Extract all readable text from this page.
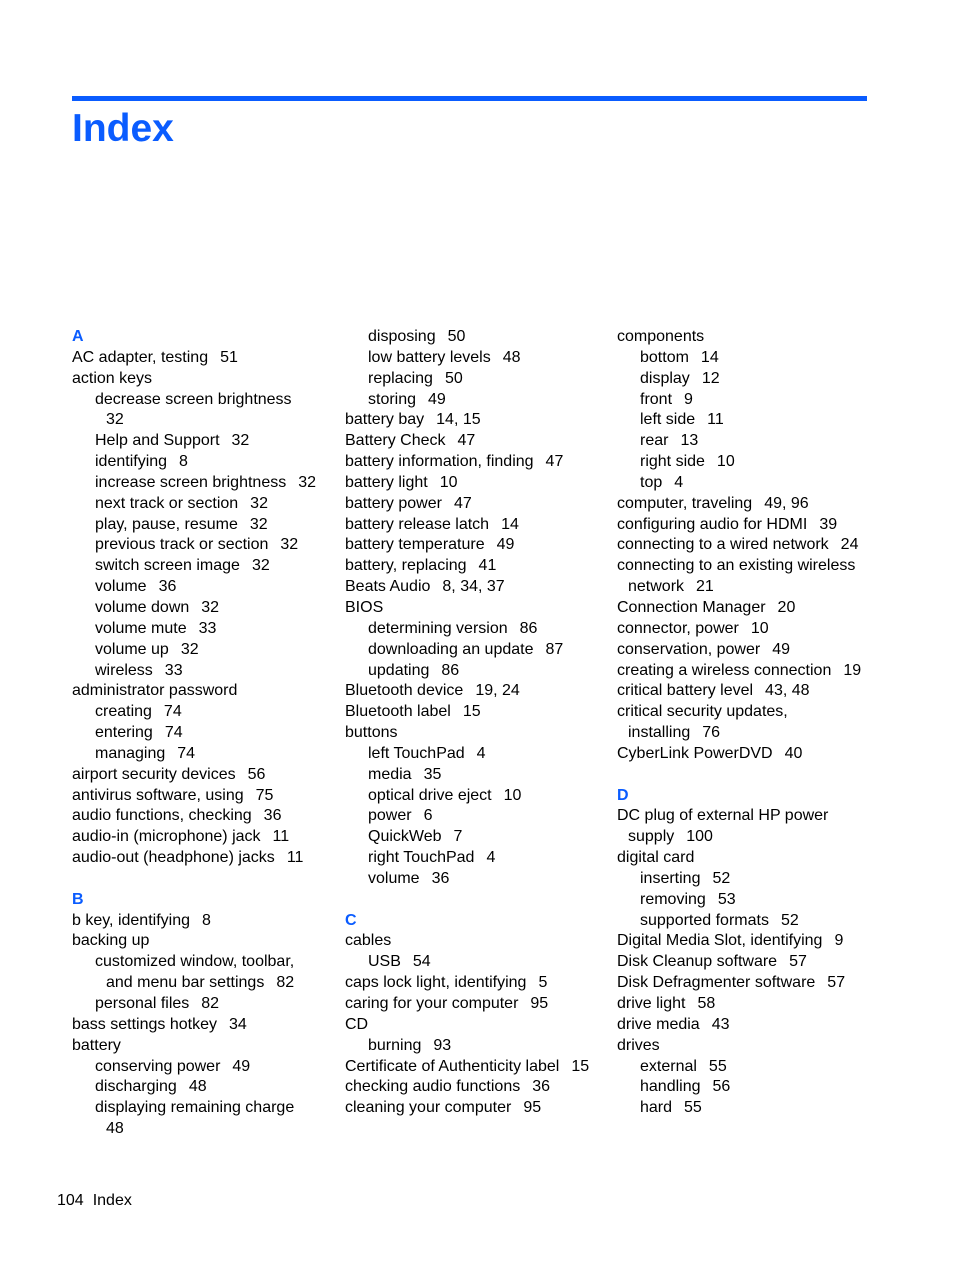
Index
A
AC adapter, testing 51
action keys
decrease screen brightness
32
Help and Support 32
identifying 8
increase screen brightness 32
next track or section 32
play, pause, resume 32
previous track or section 32
switch screen image 32
volume 36
volume down 32
volume mute 33
volume up 32
wireless 33
administrator password
creating 74
entering 74
managing 74
airport security devices 56
antivirus software, using 75
audio functions, checking 36
audio-in (microphone) jack 11
audio-out (headphone) jacks 11
B
b key, identifying 8
backing up
customized window, toolbar,
and menu bar settings 82
personal files 82
bass settings hotkey 34
battery
conserving power 49
discharging 48
displaying remaining charge
48
disposing 50
low battery levels 48
replacing 50
storing 49
battery bay 14, 15
Battery Check 47
battery information, finding 47
battery light 10
battery power 47
battery release latch 14
battery temperature 49
battery, replacing 41
Beats Audio 8, 34, 37
BIOS
determining version 86
downloading an update 87
updating 86
Bluetooth device 19, 24
Bluetooth label 15
buttons
left TouchPad 4
media 35
optical drive eject 10
power 6
QuickWeb 7
right TouchPad 4
volume 36
C
cables
USB 54
caps lock light, identifying 5
caring for your computer 95
CD
burning 93
Certificate of Authenticity label 15
checking audio functions 36
cleaning your computer 95
components
bottom 14
display 12
front 9
left side 11
rear 13
right side 10
top 4
computer, traveling 49, 96
configuring audio for HDMI 39
connecting to a wired network 24
connecting to an existing wireless
network 21
Connection Manager 20
connector, power 10
conservation, power 49
creating a wireless connection 19
critical battery level 43, 48
critical security updates,
installing 76
CyberLink PowerDVD 40
D
DC plug of external HP power
supply 100
digital card
inserting 52
removing 53
supported formats 52
Digital Media Slot, identifying 9
Disk Cleanup software 57
Disk Defragmenter software 57
drive light 58
drive media 43
drives
external 55
handling 56
hard 55
104 Index
